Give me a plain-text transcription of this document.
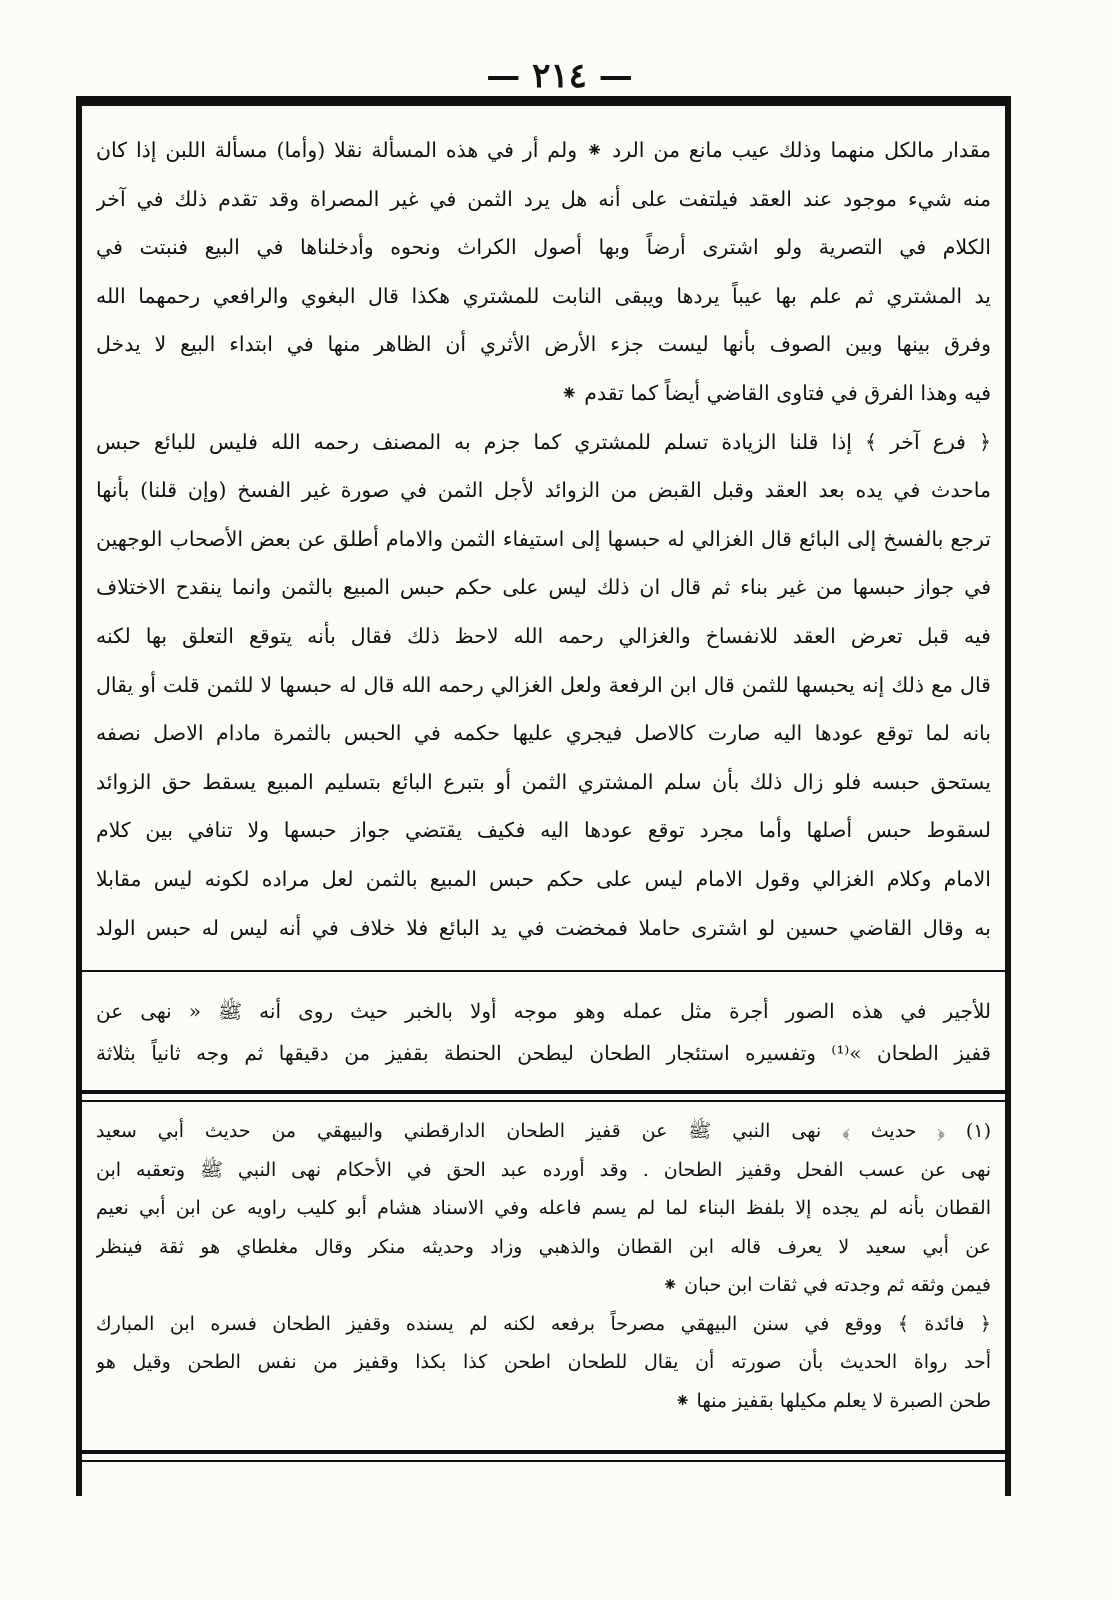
— ٢١٤ —
مقدار مالكل منهما وذلك عيب مانع من الرد ⁕ ولم أر في هذه المسألة نقلا (وأما) مسألة اللبن إذا كان
منه شيء موجود عند العقد فيلتفت على أنه هل يرد الثمن في غير المصراة وقد تقدم ذلك في آخر
الكلام في التصرية ولو اشترى أرضاً وبها أصول الكراث ونحوه وأدخلناها في البيع فنبتت في
يد المشتري ثم علم بها عيباً يردها ويبقى النابت للمشتري هكذا قال البغوي والرافعي رحمهما الله
وفرق بينها وبين الصوف بأنها ليست جزء الأرض الأثري أن الظاهر منها في ابتداء البيع لا يدخل
فيه وهذا الفرق في فتاوى القاضي أيضاً كما تقدم ⁕
﴿ فرع آخر ﴾ إذا قلنا الزيادة تسلم للمشتري كما جزم به المصنف رحمه الله فليس للبائع حبس
ماحدث في يده بعد العقد وقبل القبض من الزوائد لأجل الثمن في صورة غير الفسخ (وإن قلنا) بأنها
ترجع بالفسخ إلى البائع قال الغزالي له حبسها إلى استيفاء الثمن والامام أطلق عن بعض الأصحاب الوجهين
في جواز حبسها من غير بناء ثم قال ان ذلك ليس على حكم حبس المبيع بالثمن وانما ينقدح الاختلاف
فيه قبل تعرض العقد للانفساخ والغزالي رحمه الله لاحظ ذلك فقال بأنه يتوقع التعلق بها لكنه
قال مع ذلك إنه يحبسها للثمن قال ابن الرفعة ولعل الغزالي رحمه الله قال له حبسها لا للثمن قلت أو يقال
بانه لما توقع عودها اليه صارت كالاصل فيجري عليها حكمه في الحبس بالثمرة مادام الاصل نصفه
يستحق حبسه فلو زال ذلك بأن سلم المشتري الثمن أو بتبرع البائع بتسليم المبيع يسقط حق الزوائد
لسقوط حبس أصلها وأما مجرد توقع عودها اليه فكيف يقتضي جواز حبسها ولا تنافي بين كلام
الامام وكلام الغزالي وقول الامام ليس على حكم حبس المبيع بالثمن لعل مراده لكونه ليس مقابلا
به وقال القاضي حسين لو اشترى حاملا فمخضت في يد البائع فلا خلاف في أنه ليس له حبس الولد
للأجير في هذه الصور أجرة مثل عمله وهو موجه أولا بالخبر حيث روى أنه ﷺ « نهى عن
قفيز الطحان »⁽¹⁾ وتفسيره استئجار الطحان ليطحن الحنطة بقفيز من دقيقها ثم وجه ثانياً بثلاثة
(١) ﴿ حديث ﴾ نهى النبي ﷺ عن قفيز الطحان الدارقطني والبيهقي من حديث أبي سعيد
نهى عن عسب الفحل وقفيز الطحان . وقد أورده عبد الحق في الأحكام نهى النبي ﷺ وتعقبه ابن
القطان بأنه لم يجده إلا بلفظ البناء لما لم يسم فاعله وفي الاسناد هشام أبو كليب راويه عن ابن أبي نعيم
عن أبي سعيد لا يعرف قاله ابن القطان والذهبي وزاد وحديثه منكر وقال مغلطاي هو ثقة فينظر
فيمن وثقه ثم وجدته في ثقات ابن حبان ⁕
﴿ فائدة ﴾ ووقع في سنن البيهقي مصرحاً برفعه لكنه لم يسنده وقفيز الطحان فسره ابن المبارك
أحد رواة الحديث بأن صورته أن يقال للطحان اطحن كذا بكذا وقفيز من نفس الطحن وقيل هو
طحن الصبرة لا يعلم مكيلها بقفيز منها ⁕
